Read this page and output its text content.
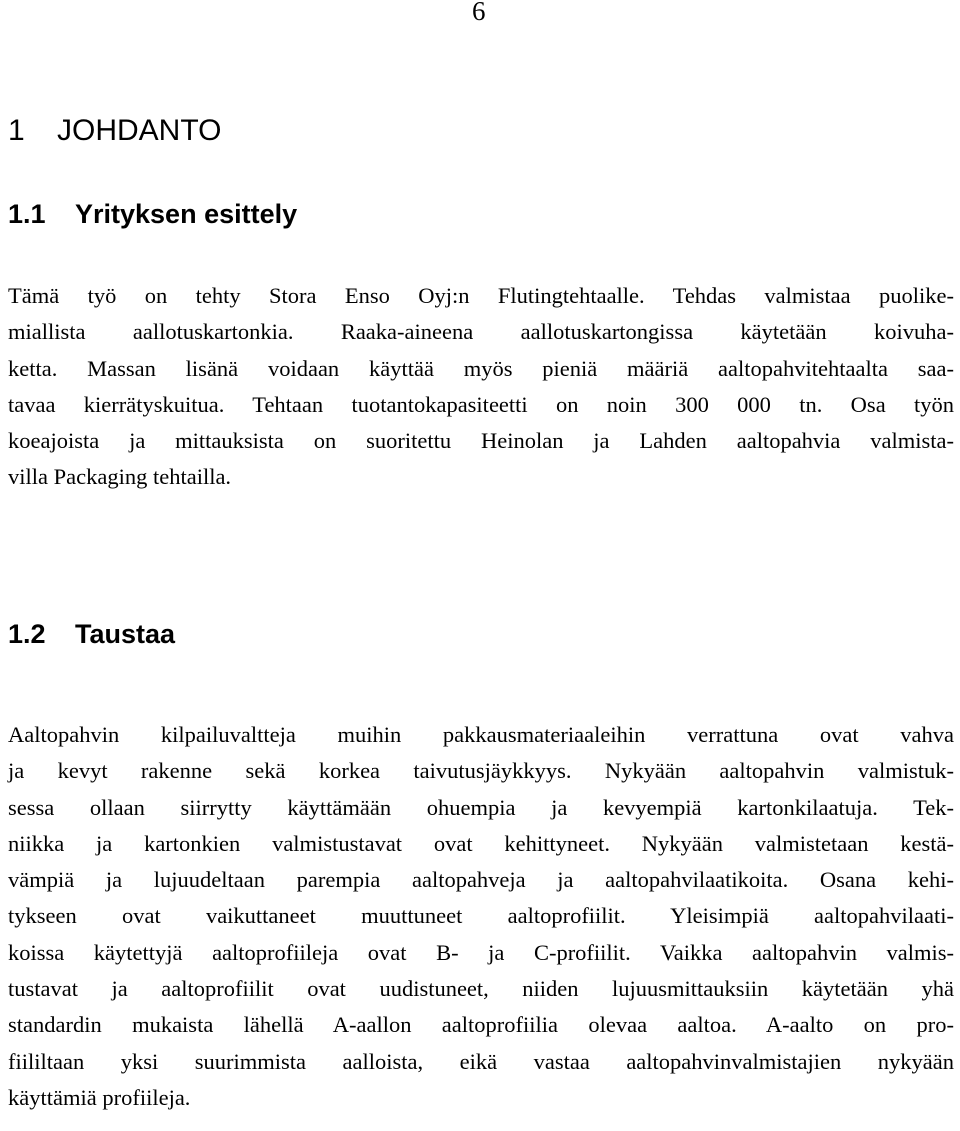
6
1 JOHDANTO
1.1 Yrityksen esittely
Tämä työ on tehty Stora Enso Oyj:n Flutingtehtaalle. Tehdas valmistaa puolike-
miallista aallotuskartonkia. Raaka-aineena aallotuskartongissa käytetään koivuha-
ketta. Massan lisänä voidaan käyttää myös pieniä määriä aaltopahvitehtaalta saa-
tavaa kierrätyskuitua. Tehtaan tuotantokapasiteetti on noin 300 000 tn. Osa työn
koeajoista ja mittauksista on suoritettu Heinolan ja Lahden aaltopahvia valmista-
villa Packaging tehtailla.
1.2 Taustaa
Aaltopahvin kilpailuvaltteja muihin pakkausmateriaaleihin verrattuna ovat vahva
ja kevyt rakenne sekä korkea taivutusjäykkyys. Nykyään aaltopahvin valmistuk-
sessa ollaan siirrytty käyttämään ohuempia ja kevyempiä kartonkilaatuja. Tek-
niikka ja kartonkien valmistustavat ovat kehittyneet. Nykyään valmistetaan kestä-
vämpiä ja lujuudeltaan parempia aaltopahveja ja aaltopahvilaatikoita. Osana kehi-
tykseen ovat vaikuttaneet muuttuneet aaltoprofiilit. Yleisimpiä aaltopahvilaati-
koissa käytettyjä aaltoprofiileja ovat B- ja C-profiilit. Vaikka aaltopahvin valmis-
tustavat ja aaltoprofiilit ovat uudistuneet, niiden lujuusmittauksiin käytetään yhä
standardin mukaista lähellä A-aallon aaltoprofiilia olevaa aaltoa. A-aalto on pro-
fiililtaan yksi suurimmista aalloista, eikä vastaa aaltopahvinvalmistajien nykyään
käyttämiä profiileja.
